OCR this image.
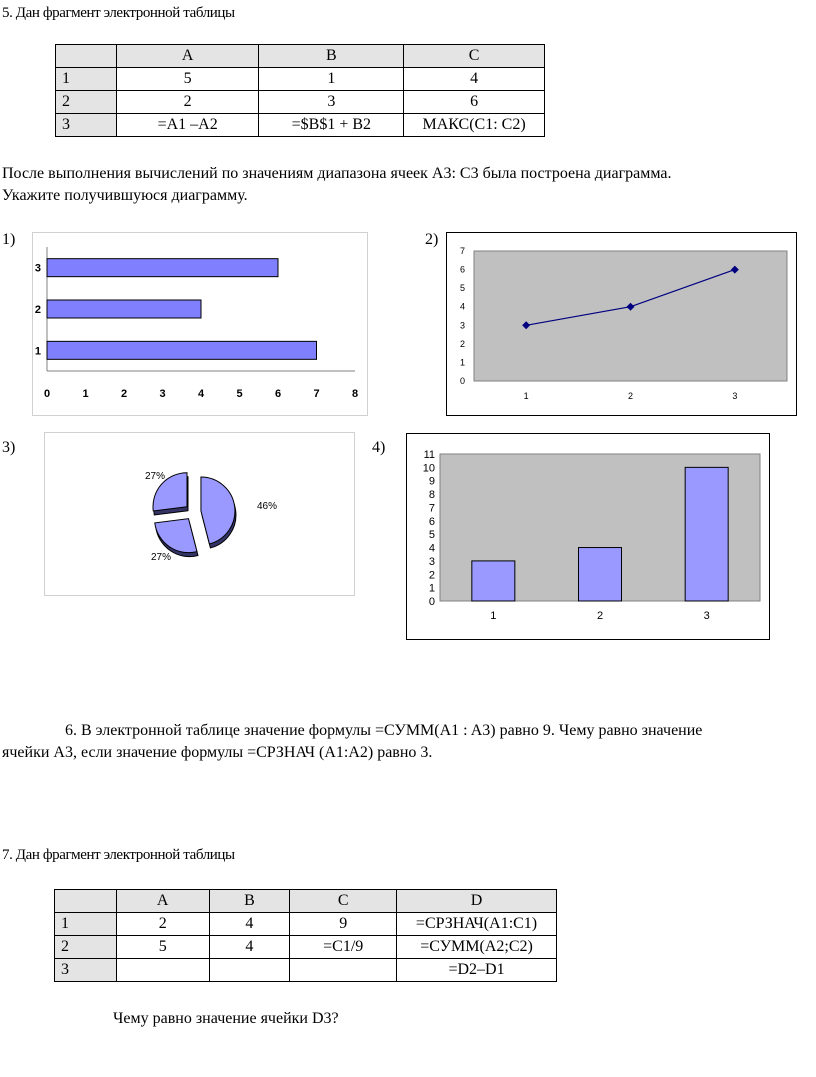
5. Дан фрагмент электронной таблицы
	A	B	C
1	5	1	4
2	2	3	6
3	=A1 –A2	=$B$1 + B2	МАКС(C1: C2)
После выполнения вычислений по значениям диапазона ячеек А3: С3 была построена диаграмма.
Укажите получившуюся диаграмму.
1)	2)
3)	4)
1
2
3
0	1	2	3	4	5	6	7	8
0
1
2
3
4
5
6
7
1	2	3
46%
27%
27%
0
1
2
3
4
5
6
7
8
9
10
11
1	2	3
6. В электронной таблице значение формулы =СУММ(A1 : A3) равно 9. Чему равно значение
ячейки A3, если значение формулы =СРЗНАЧ (A1:A2) равно 3.
7. Дан фрагмент электронной таблицы
	A	B	C	D
1	2	4	9	=СРЗНАЧ(A1:C1)
2	5	4	=C1/9	=СУММ(A2;C2)
3				=D2–D1
Чему равно значение ячейки D3?
